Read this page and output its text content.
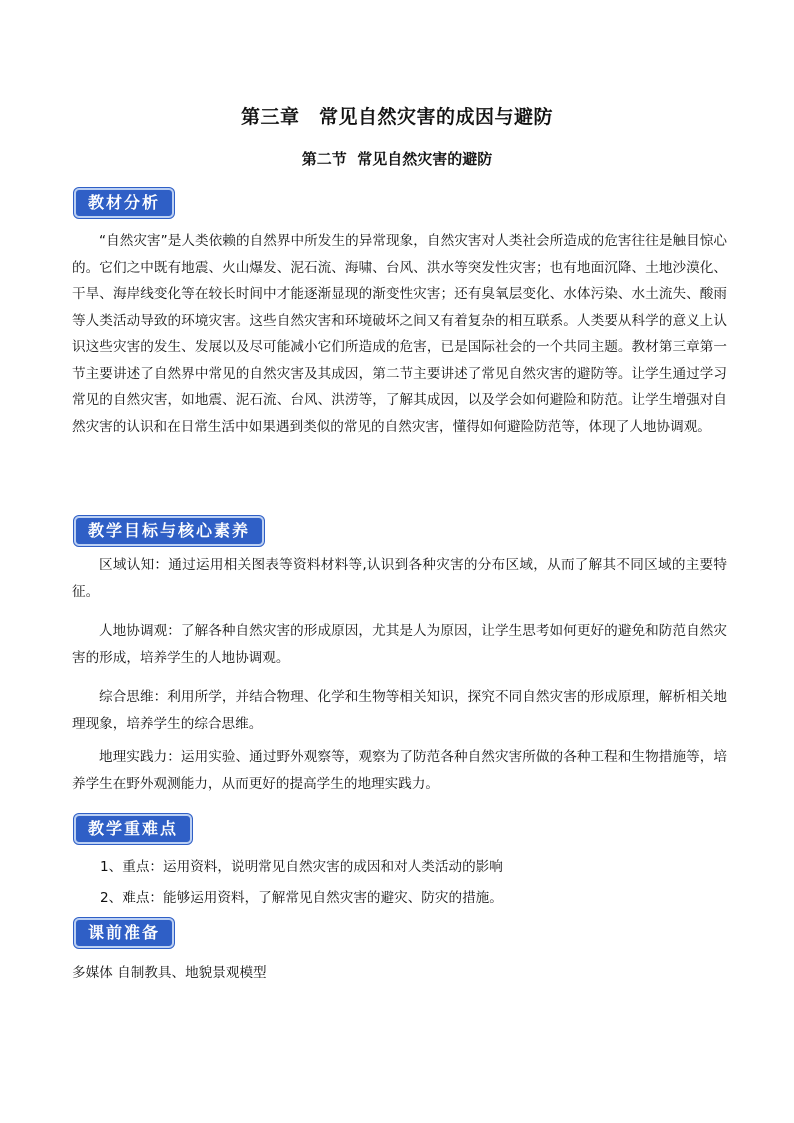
第三章　常见自然灾害的成因与避防
第二节  常见自然灾害的避防
教材分析

“自然灾害”是人类依赖的自然界中所发生的异常现象，自然灾害对人类社会所造成的危害往往是触目惊心的。它们之中既有地震、火山爆发、泥石流、海啸、台风、洪水等突发性灾害；也有地面沉降、土地沙漠化、干旱、海岸线变化等在较长时间中才能逐渐显现的渐变性灾害；还有臭氧层变化、水体污染、水土流失、酸雨等人类活动导致的环境灾害。这些自然灾害和环境破坏之间又有着复杂的相互联系。人类要从科学的意义上认识这些灾害的发生、发展以及尽可能减小它们所造成的危害，已是国际社会的一个共同主题。教材第三章第一节主要讲述了自然界中常见的自然灾害及其成因，第二节主要讲述了常见自然灾害的避防等。让学生通过学习常见的自然灾害，如地震、泥石流、台风、洪涝等，了解其成因，以及学会如何避险和防范。让学生增强对自然灾害的认识和在日常生活中如果遇到类似的常见的自然灾害，懂得如何避险防范等，体现了人地协调观。

教学目标与核心素养

区域认知：通过运用相关图表等资料材料等,认识到各种灾害的分布区域，从而了解其不同区域的主要特征。

人地协调观：了解各种自然灾害的形成原因，尤其是人为原因，让学生思考如何更好的避免和防范自然灾害的形成，培养学生的人地协调观。

综合思维：利用所学，并结合物理、化学和生物等相关知识，探究不同自然灾害的形成原理，解析相关地理现象，培养学生的综合思维。

地理实践力：运用实验、通过野外观察等，观察为了防范各种自然灾害所做的各种工程和生物措施等，培养学生在野外观测能力，从而更好的提高学生的地理实践力。

教学重难点

1、重点：运用资料，说明常见自然灾害的成因和对人类活动的影响

2、难点：能够运用资料，了解常见自然灾害的避灾、防灾的措施。

课前准备

多媒体 自制教具、地貌景观模型
